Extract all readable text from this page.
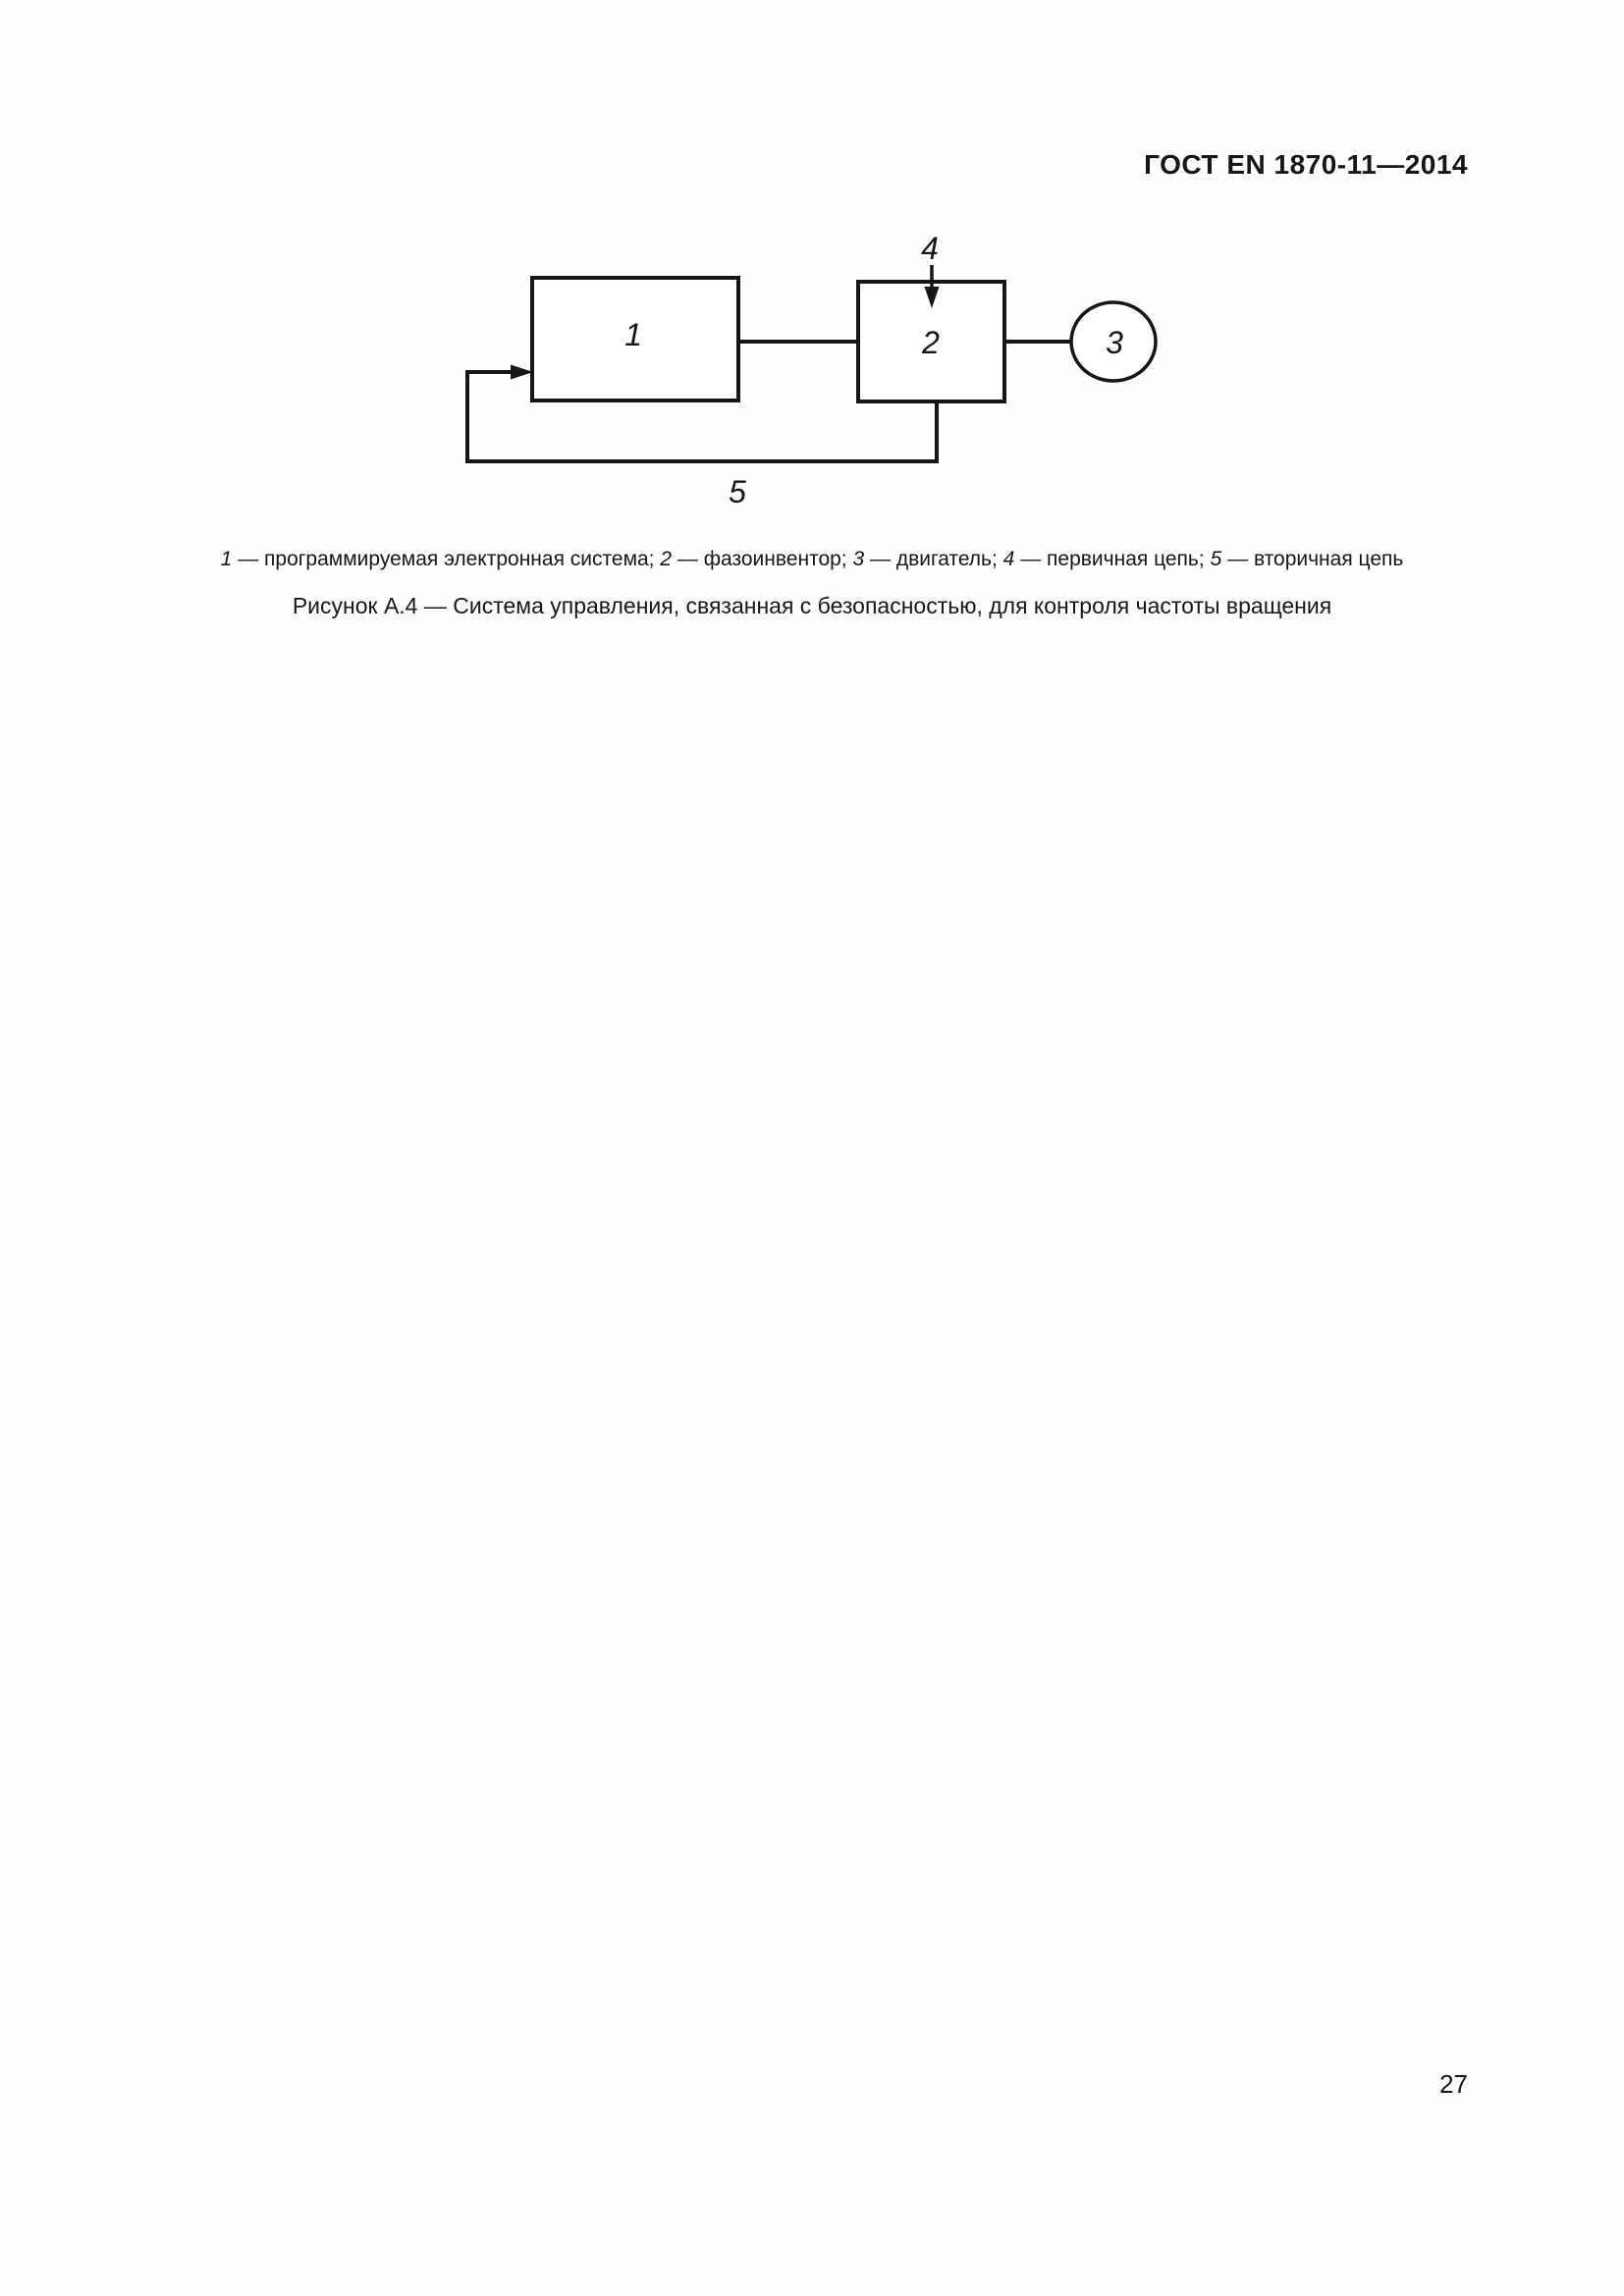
ГОСТ EN 1870-11—2014
1	2	3
4
5
1 — программируемая электронная система; 2 — фазоинвентор; 3 — двигатель; 4 — первичная цепь; 5 — вторичная цепь
Рисунок А.4 — Система управления, связанная с безопасностью, для контроля частоты вращения
27
